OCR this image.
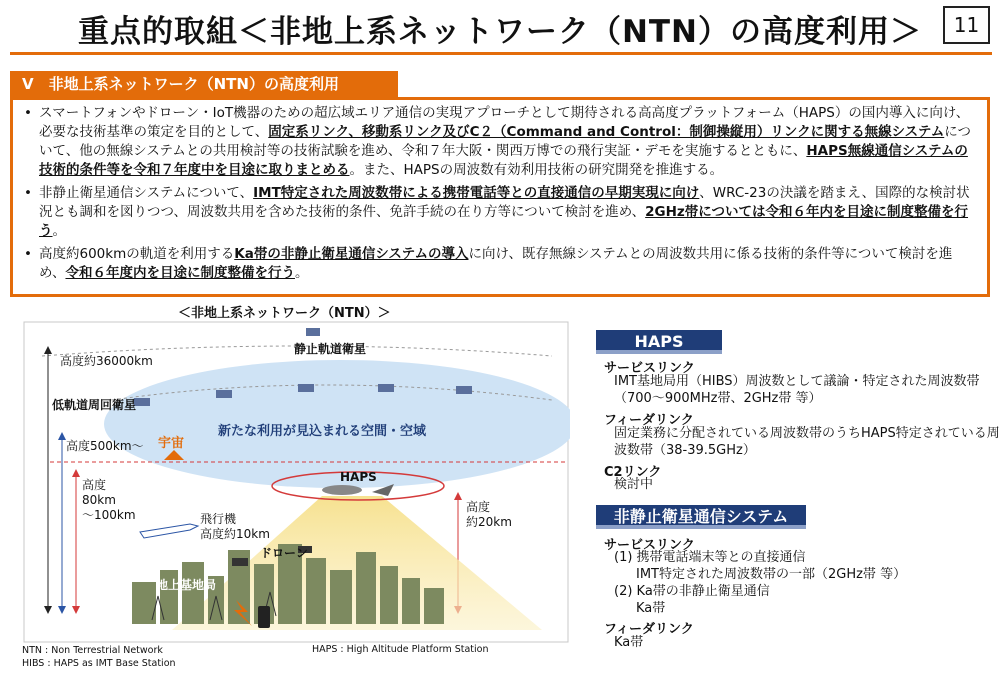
重点的取組＜非地上系ネットワーク（NTN）の高度利用＞	11
Ⅴ　非地上系ネットワーク（NTN）の高度利用
• スマートフォンやドローン・IoT機器のための超広域エリア通信の実現アプローチとして期待される高高度プラットフォーム（HAPS）の国内導入に向け、必要な技術基準の策定を目的として、固定系リンク、移動系リンク及びC２（Command and Control：制御操縦用）リンクに関する無線システムについて、他の無線システムとの共用検討等の技術試験を進め、令和７年大阪・関西万博での飛行実証・デモを実施するとともに、HAPS無線通信システムの技術的条件等を令和７年度中を目途に取りまとめる。また、HAPSの周波数有効利用技術の研究開発を推進する。
• 非静止衛星通信システムについて、IMT特定された周波数帯による携帯電話等との直接通信の早期実現に向け、WRC-23の決議を踏まえ、国際的な検討状況とも調和を図りつつ、周波数共用を含めた技術的条件、免許手続の在り方等について検討を進め、2GHz帯については令和６年内を目途に制度整備を行う。
• 高度約600kmの軌道を利用するKa帯の非静止衛星通信システムの導入に向け、既存無線システムとの周波数共用に係る技術的条件等について検討を進め、令和６年度内を目途に制度整備を行う。
＜非地上系ネットワーク（NTN）＞
静止軌道衛星
高度約36000km
低軌道周回衛星
新たな利用が見込まれる空間・空域
高度500km～ 宇宙
HAPS
高度
80km
～100km
高度
約20km
飛行機
高度約10km
ドローン
地上基地局
NTN : Non Terrestrial Network
HIBS : HAPS as IMT Base Station
HAPS : High Altitude Platform Station
HAPS
サービスリンク
IMT基地局用（HIBS）周波数として議論・特定された周波数帯
（700～900MHz帯、2GHz帯 等）
フィーダリンク
固定業務に分配されている周波数帯のうちHAPS特定されている周
波数帯（38-39.5GHz）
C2リンク
検討中
非静止衛星通信システム
サービスリンク
(1) 携帯電話端末等との直接通信
IMT特定された周波数帯の一部（2GHz帯 等）
(2) Ka帯の非静止衛星通信
Ka帯
フィーダリンク
Ka帯
